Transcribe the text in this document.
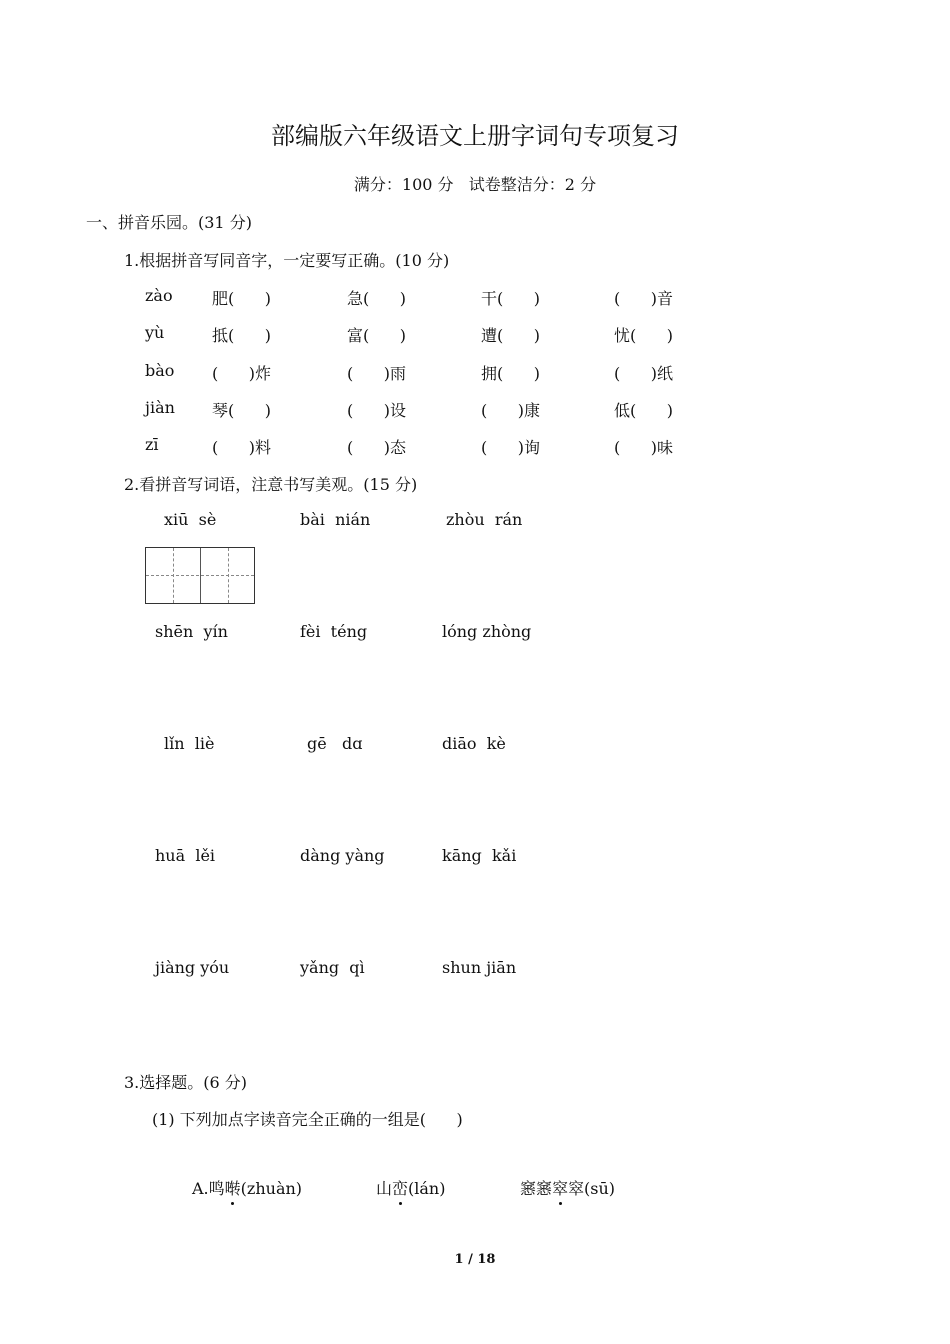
部编版六年级语文上册字词句专项复习
满分：100 分   试卷整洁分：2 分
一、拼音乐园。(31 分)
1.根据拼音写同音字，一定要写正确。(10 分)
zào 肥(      )	急(      )	干(      )	(      )音
yù	抵(      )	富(      )	遭(      )	忧(      )
bào (      )炸	(      )雨	拥(      )	(      )纸
jiàn 琴(      )	(      )设	(      )康	低(      )
zī	(      )料	(      )态	(      )询	(      )味
2.看拼音写词语，注意书写美观。(15 分)
xiū  sè	bài  nián	zhòu  rán
shēn  yín	fèi  téng	lóng zhòng
lǐn  liè	gē   dɑ	diāo  kè
huā  lěi	dàng yàng	kāng  kǎi
jiàng yóu	yǎng  qì	shun jiān
3.选择题。(6 分)
(1) 下列加点字读音完全正确的一组是(      )
A.鸣啭(zhuàn)	山峦(lán)	窸窸窣窣(sū)
1 / 18
